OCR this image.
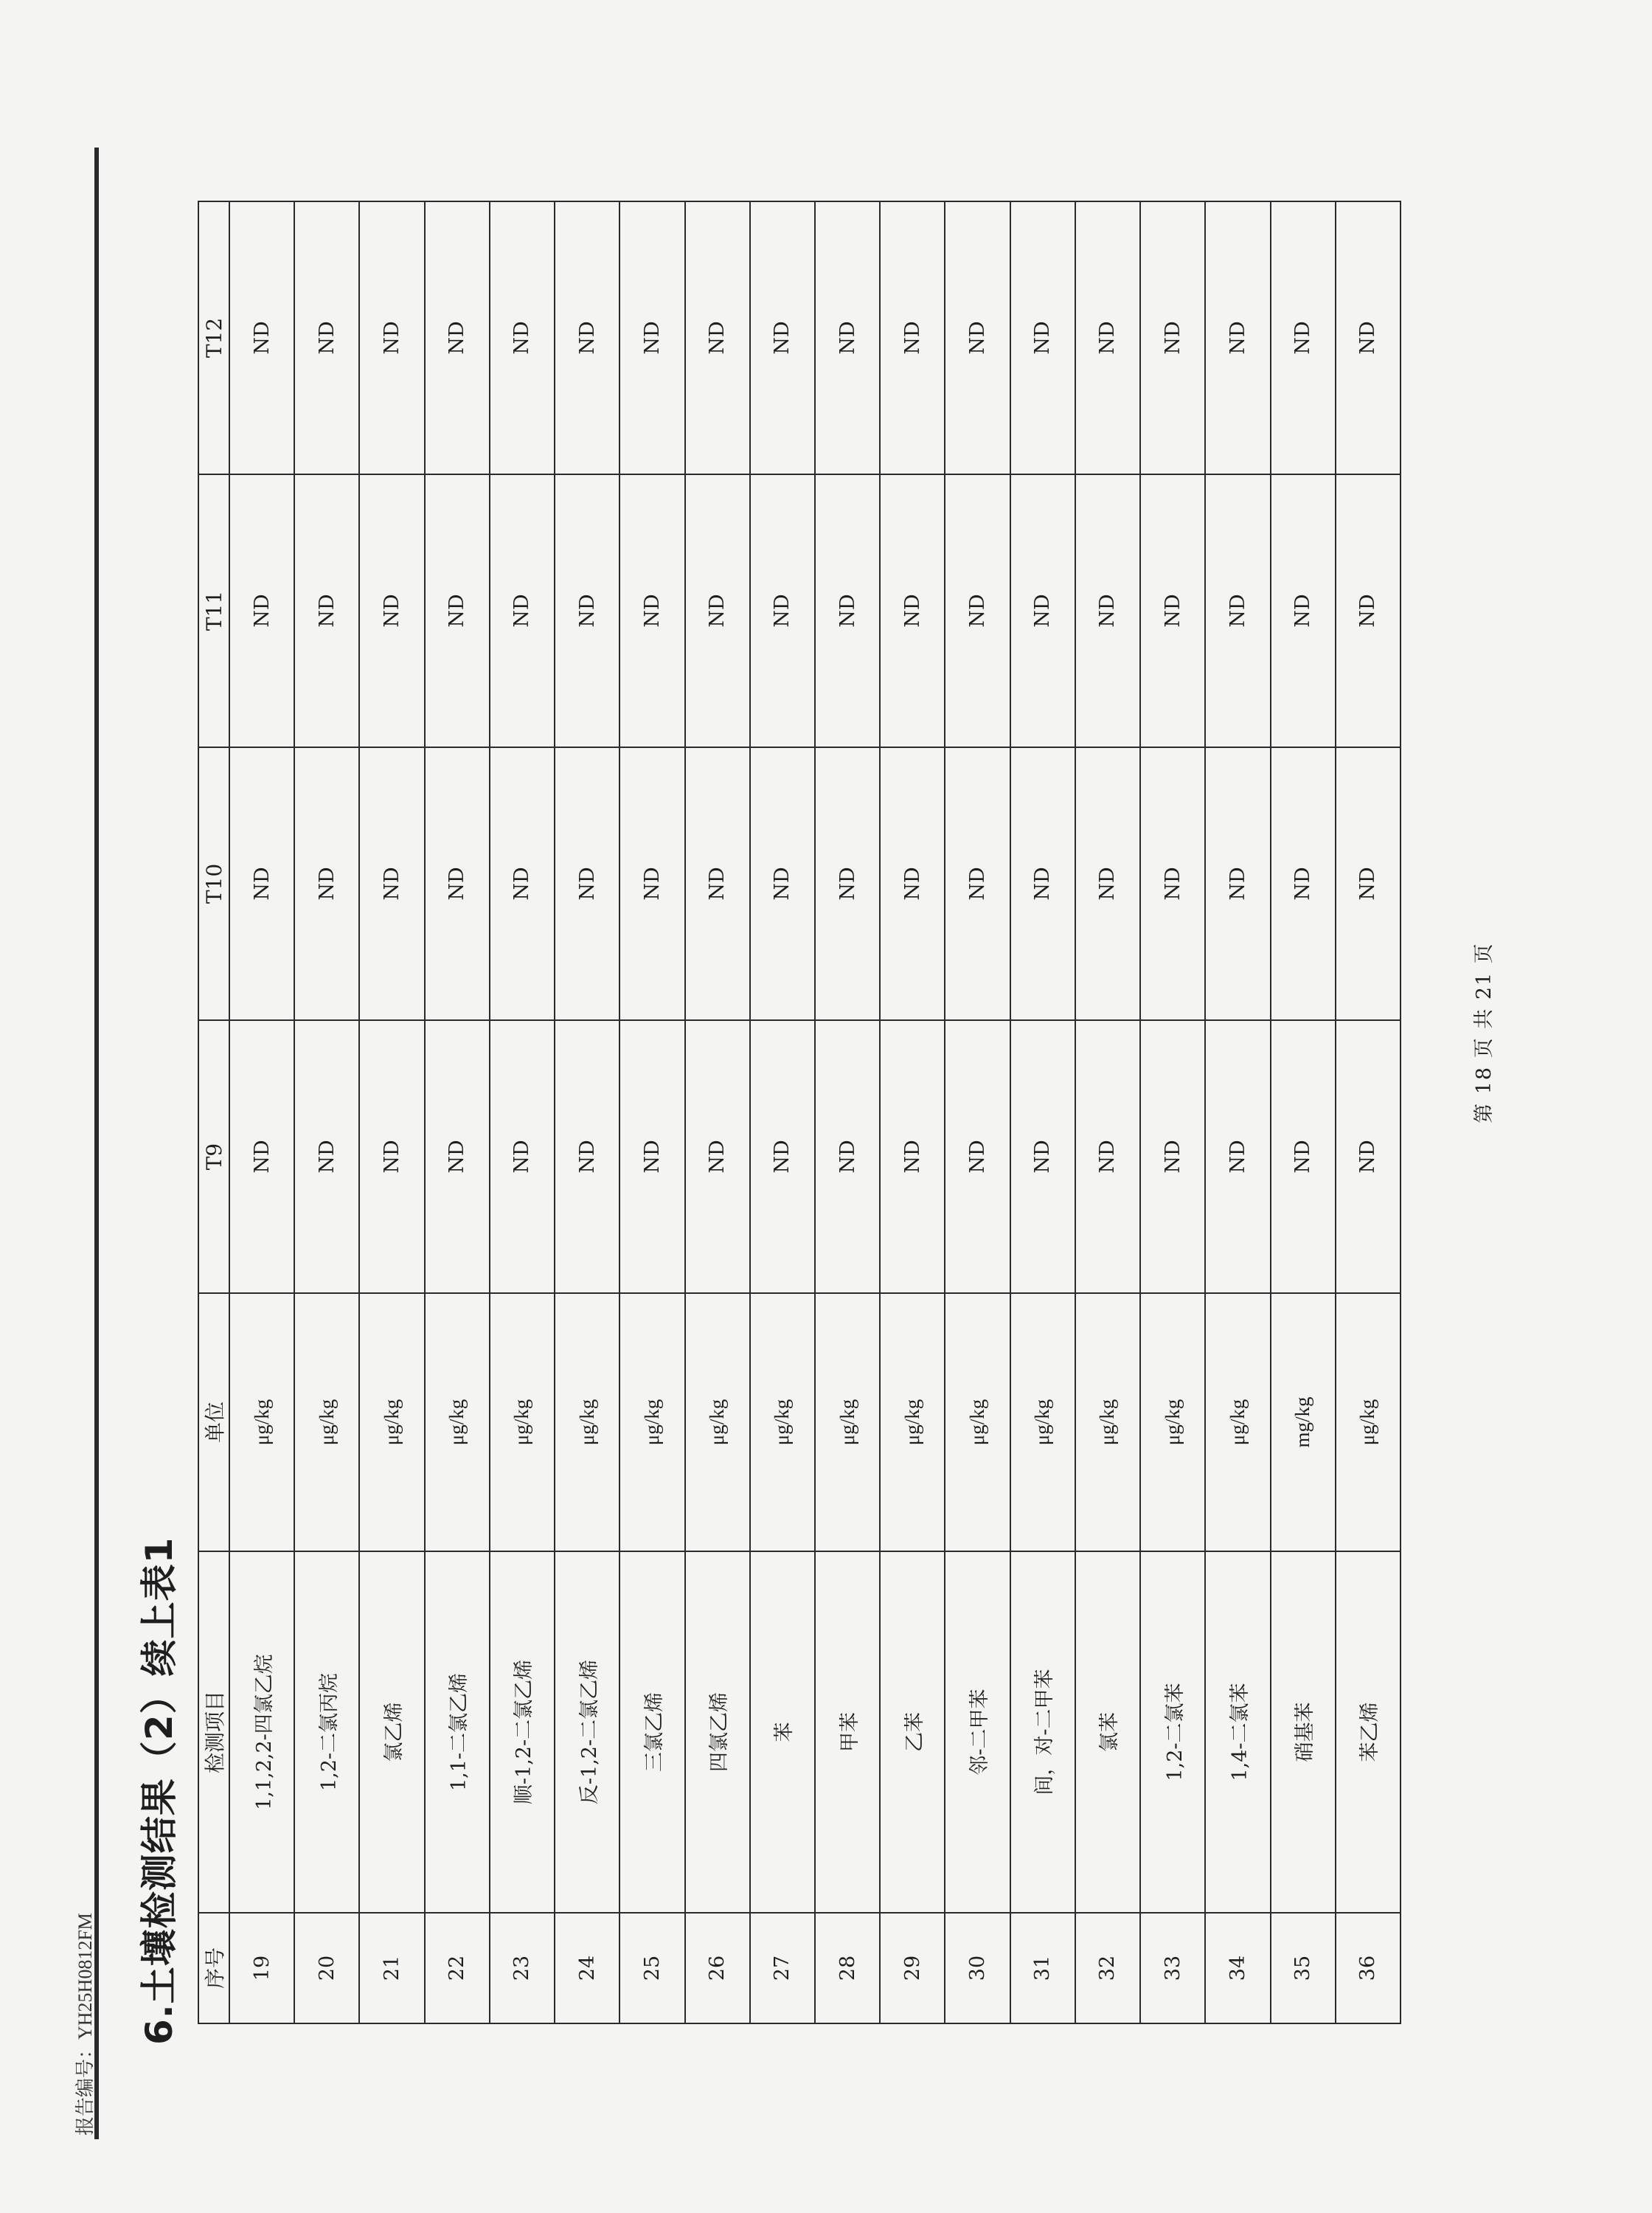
报告编号：YH25H0812FM 6.土壤检测结果（2）续上表1 序号	检测项目	单位	T9	T10	T11	T12
19	1,1,2,2-四氯乙烷	μg/kg	ND	ND	ND	ND
20	1,2-二氯丙烷	μg/kg	ND	ND	ND	ND
21	氯乙烯	μg/kg	ND	ND	ND	ND
22	1,1-二氯乙烯	μg/kg	ND	ND	ND	ND
23	顺-1,2-二氯乙烯	μg/kg	ND	ND	ND	ND
24	反-1,2-二氯乙烯	μg/kg	ND	ND	ND	ND
25	三氯乙烯	μg/kg	ND	ND	ND	ND
26	四氯乙烯	μg/kg	ND	ND	ND	ND
27	苯	μg/kg	ND	ND	ND	ND
28	甲苯	μg/kg	ND	ND	ND	ND
29	乙苯	μg/kg	ND	ND	ND	ND
30	邻-二甲苯	μg/kg	ND	ND	ND	ND
31	间，对-二甲苯	μg/kg	ND	ND	ND	ND
32	氯苯	μg/kg	ND	ND	ND	ND
33	1,2-二氯苯	μg/kg	ND	ND	ND	ND
34	1,4-二氯苯	μg/kg	ND	ND	ND	ND
35	硝基苯	mg/kg	ND	ND	ND	ND
36	苯乙烯	μg/kg	ND	ND	ND	ND
第 18 页 共 21 页
